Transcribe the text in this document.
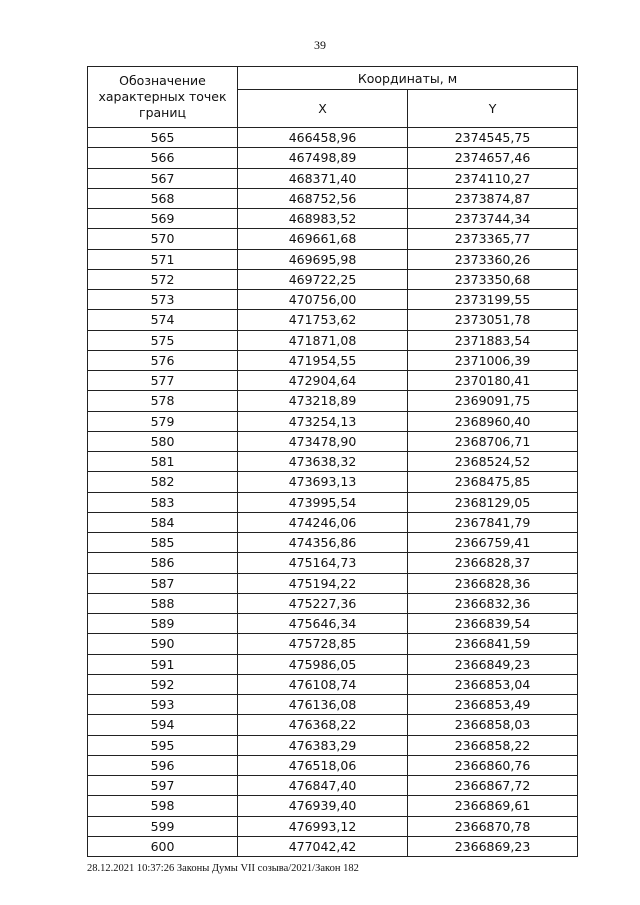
39
Обозначение характерных точек границ	Координаты, м	
	X	Y
565	466458,96	2374545,75
566	467498,89	2374657,46
567	468371,40	2374110,27
568	468752,56	2373874,87
569	468983,52	2373744,34
570	469661,68	2373365,77
571	469695,98	2373360,26
572	469722,25	2373350,68
573	470756,00	2373199,55
574	471753,62	2373051,78
575	471871,08	2371883,54
576	471954,55	2371006,39
577	472904,64	2370180,41
578	473218,89	2369091,75
579	473254,13	2368960,40
580	473478,90	2368706,71
581	473638,32	2368524,52
582	473693,13	2368475,85
583	473995,54	2368129,05
584	474246,06	2367841,79
585	474356,86	2366759,41
586	475164,73	2366828,37
587	475194,22	2366828,36
588	475227,36	2366832,36
589	475646,34	2366839,54
590	475728,85	2366841,59
591	475986,05	2366849,23
592	476108,74	2366853,04
593	476136,08	2366853,49
594	476368,22	2366858,03
595	476383,29	2366858,22
596	476518,06	2366860,76
597	476847,40	2366867,72
598	476939,40	2366869,61
599	476993,12	2366870,78
600	477042,42	2366869,23
28.12.2021 10:37:26 Законы Думы VII созыва/2021/Закон 182
